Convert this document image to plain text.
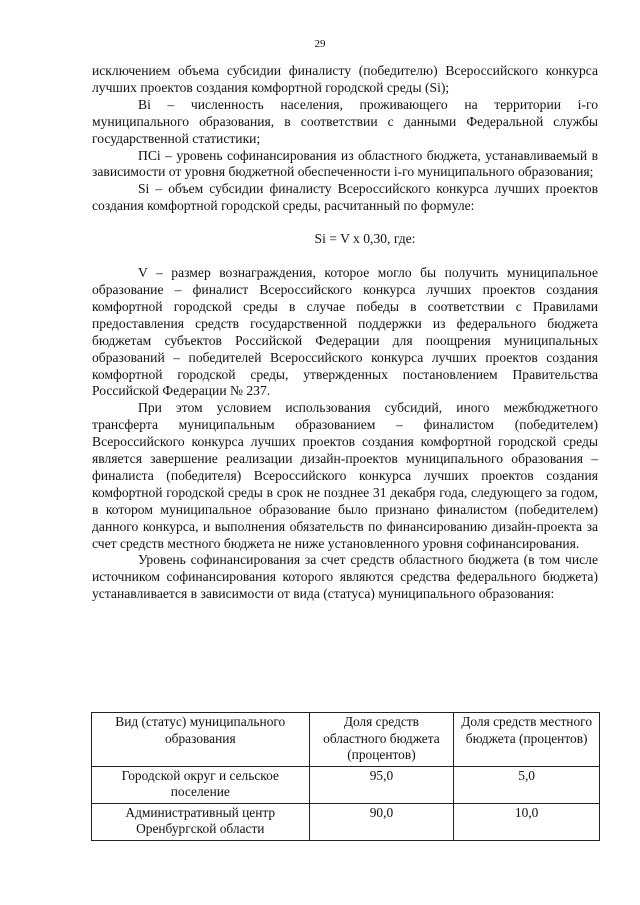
29

исключением объема субсидии финалисту (победителю) Всероссийского конкурса лучших проектов создания комфортной городской среды (Si);

Bi – численность населения, проживающего на территории i-го муниципального образования, в соответствии с данными Федеральной службы государственной статистики;

ПCi – уровень софинансирования из областного бюджета, устанавливаемый в зависимости от уровня бюджетной обеспеченности i-го муниципального образования;

Si – объем субсидии финалисту Всероссийского конкурса лучших проектов создания комфортной городской среды, расчитанный по формуле:

Si = V x 0,30, где:

V – размер вознаграждения, которое могло бы получить муниципальное образование – финалист Всероссийского конкурса лучших проектов создания комфортной городской среды в случае победы в соответствии с Правилами предоставления средств государственной поддержки из федерального бюджета бюджетам субъектов Российской Федерации для поощрения муниципальных образований – победителей Всероссийского конкурса лучших проектов создания комфортной городской среды, утвержденных постановлением Правительства Российской Федерации № 237.

При этом условием использования субсидий, иного межбюджетного трансферта муниципальным образованием – финалистом (победителем) Всероссийского конкурса лучших проектов создания комфортной городской среды является завершение реализации дизайн-проектов муниципального образования – финалиста (победителя) Всероссийского конкурса лучших проектов создания комфортной городской среды в срок не позднее 31 декабря года, следующего за годом, в котором муниципальное образование было признано финалистом (победителем) данного конкурса, и выполнения обязательств по финансированию дизайн-проекта за счет средств местного бюджета не ниже установленного уровня софинансирования.

Уровень софинансирования за счет средств областного бюджета (в том числе источником софинансирования которого являются средства федерального бюджета) устанавливается в зависимости от вида (статуса) муниципального образования:

Вид (статус) муниципального образования	Доля средств областного бюджета (процентов)	Доля средств местного бюджета (процентов)
Городской округ и сельское поселение	95,0	5,0
Административный центр Оренбургской области	90,0	10,0
